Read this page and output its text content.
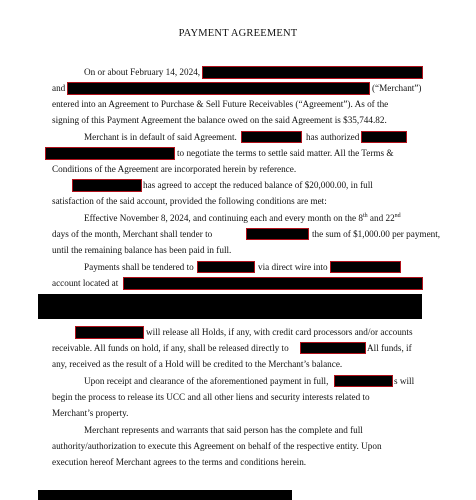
PAYMENT AGREEMENT
On or about February 14, 2024,
and	(“Merchant”)
entered into an Agreement to Purchase & Sell Future Receivables (“Agreement”). As of the
signing of this Payment Agreement the balance owed on the said Agreement is $35,744.82.
Merchant is in default of said Agreement.	has authorized
to negotiate the terms to settle said matter. All the Terms &
Conditions of the Agreement are incorporated herein by reference.
has agreed to accept the reduced balance of $20,000.00, in full
satisfaction of the said account, provided the following conditions are met:
Effective November 8, 2024, and continuing each and every month on the 8th and 22nd
days of the month, Merchant shall tender to	the sum of $1,000.00 per payment,
until the remaining balance has been paid in full.
Payments shall be tendered to	via direct wire into
account located at
will release all Holds, if any, with credit card processors and/or accounts
receivable. All funds on hold, if any, shall be released directly to	All funds, if
any, received as the result of a Hold will be credited to the Merchant’s balance.
Upon receipt and clearance of the aforementioned payment in full,	s will
begin the process to release its UCC and all other liens and security interests related to
Merchant’s property.
Merchant represents and warrants that said person has the complete and full
authority/authorization to execute this Agreement on behalf of the respective entity. Upon
execution hereof Merchant agrees to the terms and conditions herein.
